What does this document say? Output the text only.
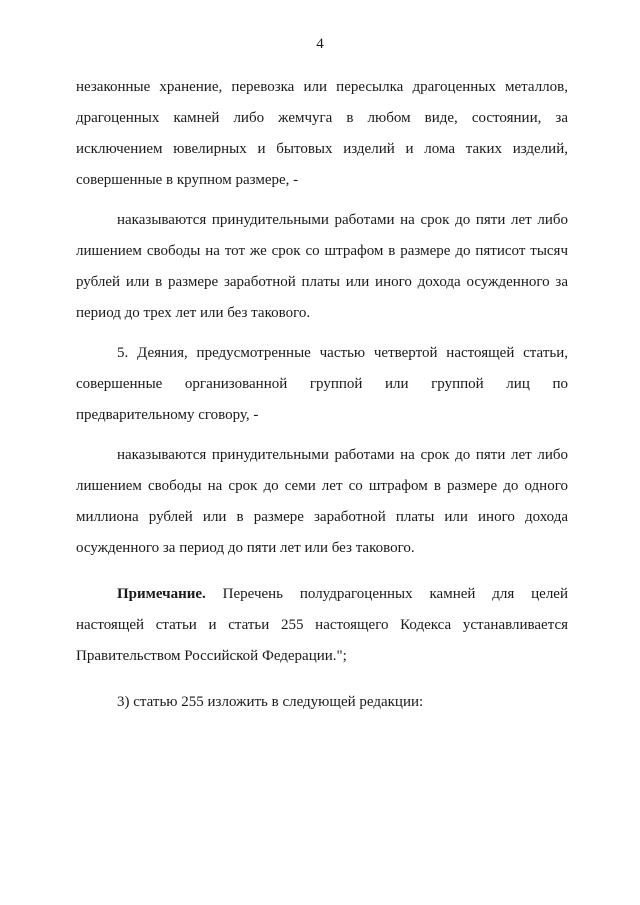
4

незаконные хранение, перевозка или пересылка драгоценных металлов, драгоценных камней либо жемчуга в любом виде, состоянии, за исключением ювелирных и бытовых изделий и лома таких изделий, совершенные в крупном размере, -

наказываются принудительными работами на срок до пяти лет либо лишением свободы на тот же срок со штрафом в размере до пятисот тысяч рублей или в размере заработной платы или иного дохода осужденного за период до трех лет или без такового.

5. Деяния, предусмотренные частью четвертой настоящей статьи, совершенные организованной группой или группой лиц по предварительному сговору, -

наказываются принудительными работами на срок до пяти лет либо лишением свободы на срок до семи лет со штрафом в размере до одного миллиона рублей или в размере заработной платы или иного дохода осужденного за период до пяти лет или без такового.

Примечание. Перечень полудрагоценных камней для целей настоящей статьи и статьи 255 настоящего Кодекса устанавливается Правительством Российской Федерации.";

3) статью 255 изложить в следующей редакции:
